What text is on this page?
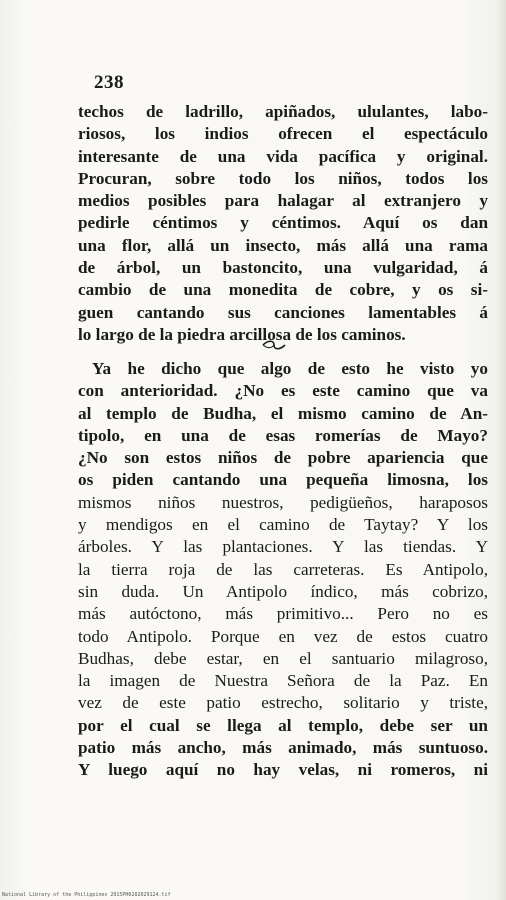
238
techos de ladrillo, apiñados, ululantes, labo-
riosos, los indios ofrecen el espectáculo
interesante de una vida pacífica y original.
Procuran, sobre todo los niños, todos los
medios posibles para halagar al extranjero y
pedirle céntimos y céntimos. Aquí os dan
una flor, allá un insecto, más allá una rama
de árbol, un bastoncito, una vulgaridad, á
cambio de una monedita de cobre, y os si-
guen cantando sus canciones lamentables á
lo largo de la piedra arcillosa de los caminos.
Ya he dicho que algo de esto he visto yo
con anterioridad. ¿No es este camino que va
al templo de Budha, el mismo camino de An-
tipolo, en una de esas romerías de Mayo?
¿No son estos niños de pobre apariencia que
os piden cantando una pequeña limosna, los
mismos niños nuestros, pedigüeños, haraposos
y mendigos en el camino de Taytay? Y los
árboles. Y las plantaciones. Y las tiendas. Y
la tierra roja de las carreteras. Es Antipolo,
sin duda. Un Antipolo índico, más cobrizo,
más autóctono, más primitivo... Pero no es
todo Antipolo. Porque en vez de estos cuatro
Budhas, debe estar, en el santuario milagroso,
la imagen de Nuestra Señora de la Paz. En
vez de este patio estrecho, solitario y triste,
por el cual se llega al templo, debe ser un
patio más ancho, más animado, más suntuoso.
Y luego aquí no hay velas, ni romeros, ni
National Library of the Philippines 2015PH0202029124.tif
